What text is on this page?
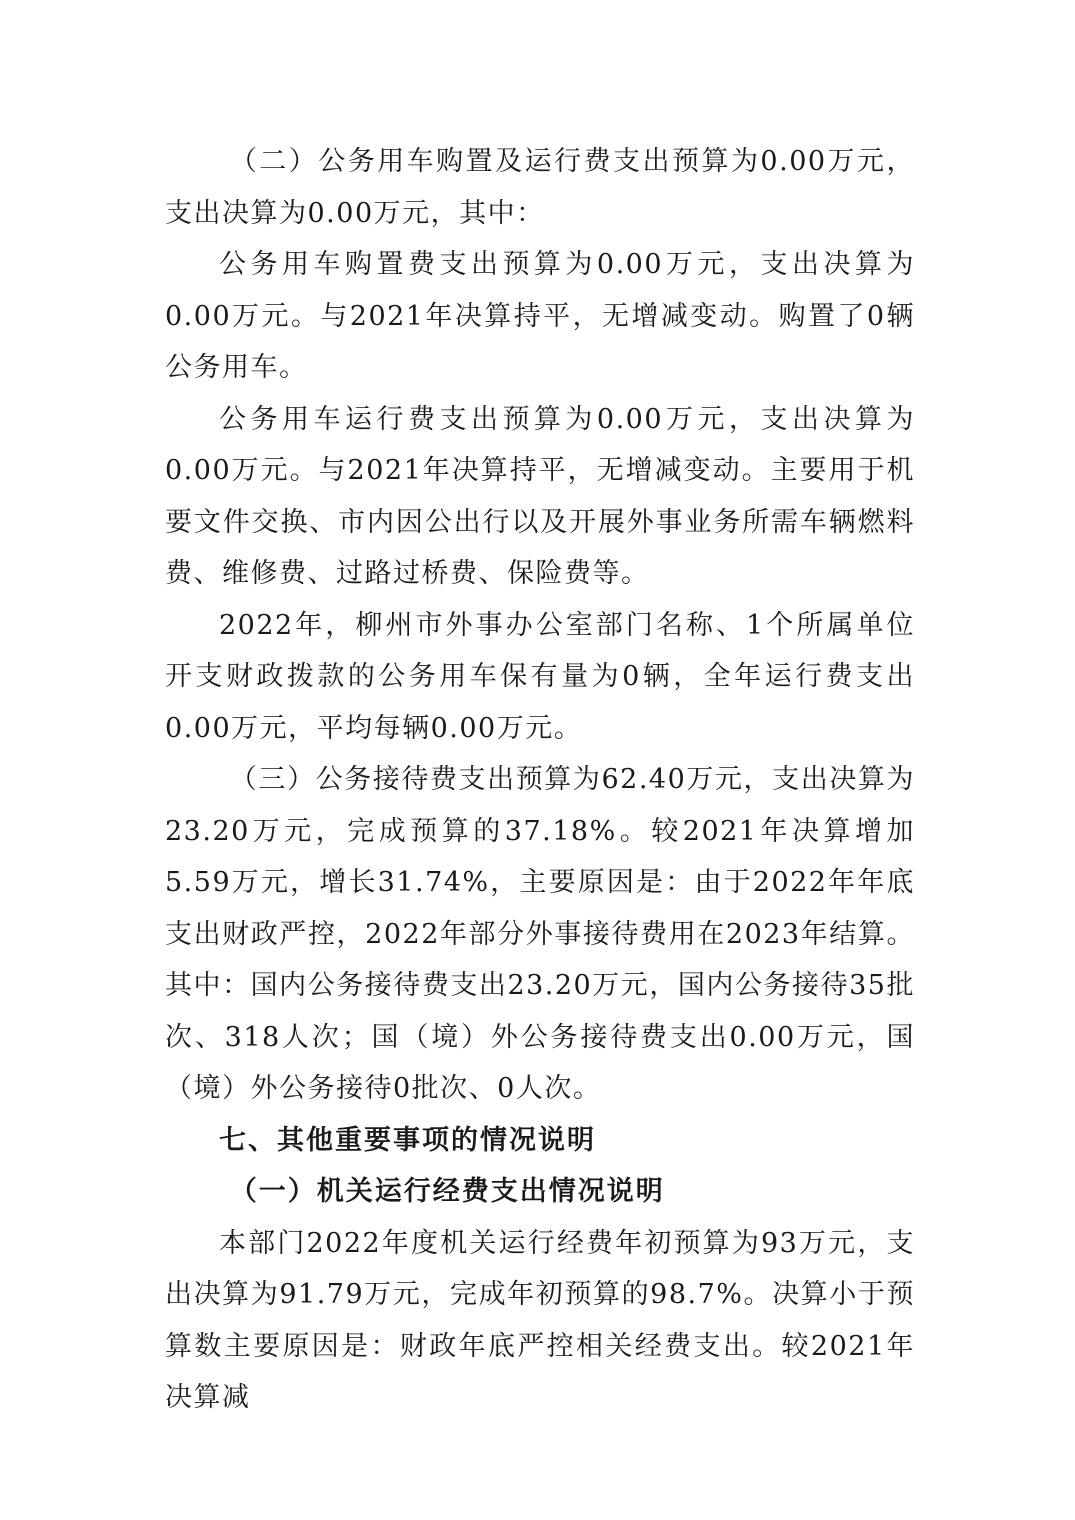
（二）公务用车购置及运行费支出预算为0.00万元，支出决算为0.00万元，其中：

公务用车购置费支出预算为0.00万元，支出决算为0.00万元。与2021年决算持平，无增减变动。购置了0辆公务用车。

公务用车运行费支出预算为0.00万元，支出决算为0.00万元。与2021年决算持平，无增减变动。主要用于机要文件交换、市内因公出行以及开展外事业务所需车辆燃料费、维修费、过路过桥费、保险费等。

2022年，柳州市外事办公室部门名称、1个所属单位 开支财政拨款的公务用车保有量为0辆，全年运行费支出0.00万元，平均每辆0.00万元。

（三）公务接待费支出预算为62.40万元，支出决算为23.20万元，完成预算的37.18%。较2021年决算增加5.59万元，增长31.74%，主要原因是：由于2022年年底支出财政严控，2022年部分外事接待费用在2023年结算。其中：国内公务接待费支出23.20万元，国内公务接待35批次、318人次；国（境）外公务接待费支出0.00万元，国（境）外公务接待0批次、0人次。

七、其他重要事项的情况说明
（一）机关运行经费支出情况说明

本部门2022年度机关运行经费年初预算为93万元，支出决算为91.79万元，完成年初预算的98.7%。决算小于预算数主要原因是：财政年底严控相关经费支出。较2021年决算减
